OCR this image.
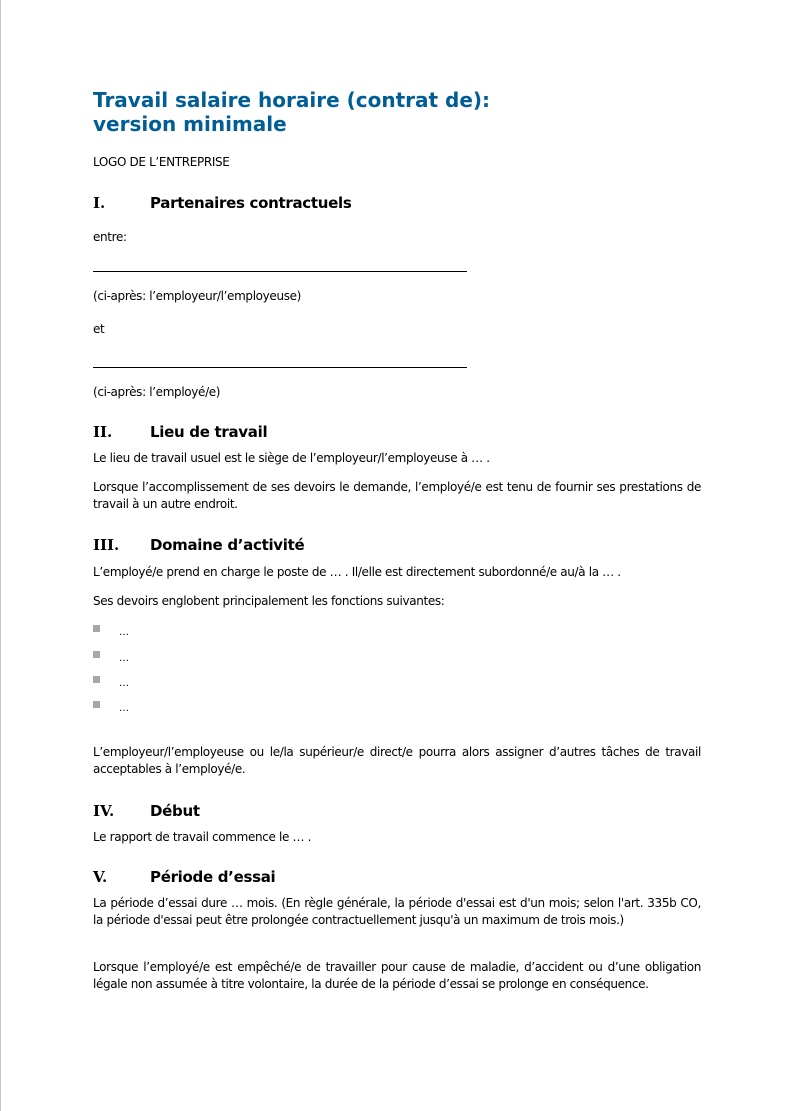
Travail salaire horaire (contrat de):
version minimale

LOGO DE L’ENTREPRISE

I.	Partenaires contractuels

entre:

(ci-après: l’employeur/l’employeuse)

et

(ci-après: l’employé/e)

II.	Lieu de travail

Le lieu de travail usuel est le siège de l’employeur/l’employeuse à … .

Lorsque l’accomplissement de ses devoirs le demande, l’employé/e est tenu de fournir ses prestations de travail à un autre endroit.

III. Domaine d’activité

L’employé/e prend en charge le poste de … . Il/elle est directement subordonné/e au/à la … .

Ses devoirs englobent principalement les fonctions suivantes:

…
…
…
…

L’employeur/l’employeuse ou le/la supérieur/e direct/e pourra alors assigner d’autres tâches de travail acceptables à l’employé/e.

IV. Début

Le rapport de travail commence le … .

V.	Période d’essai

La période d’essai dure … mois. (En règle générale, la période d'essai est d'un mois; selon l'art. 335b CO, la période d'essai peut être prolongée contractuellement jusqu'à un maximum de trois mois.)

Lorsque l’employé/e est empêché/e de travailler pour cause de maladie, d’accident ou d’une obligation légale non assumée à titre volontaire, la durée de la période d’essai se prolonge en conséquence.
